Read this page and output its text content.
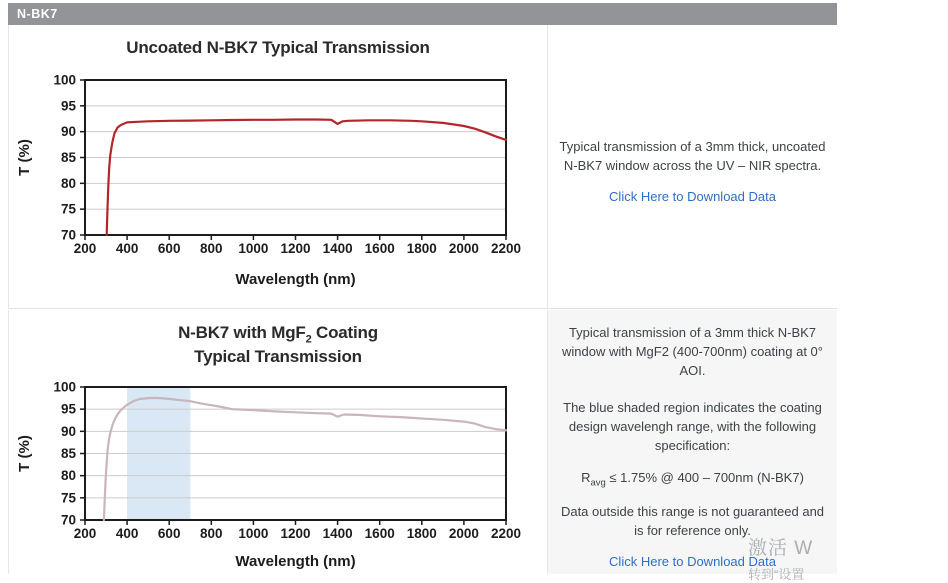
N-BK7
Uncoated N-BK7 Typical Transmission
70
75
80
85
90
95
100
200 400 600 800 1000 1200 1400 1600 1800 2000 2200
Wavelength (nm)
T (%)	Typical transmission of a 3mm thick, uncoated N-BK7 window across the UV – NIR spectra.

Click Here to Download Data
N-BK7 with MgF$_2$ Coating
Typical Transmission
70
75
80
85
90
95
100
200 400 600 800 1000 1200 1400 1600 1800 2000 2200
Wavelength (nm)
T (%)

Typical transmission of a 3mm thick N-BK7 window with MgF2 (400-700nm) coating at 0° AOI.

The blue shaded region indicates the coating design wavelengh range, with the following specification:

$R_{avg} \le 1.75\%$ @ 400 – 700nm (N-BK7)

Data outside this range is not guaranteed and is for reference only.

Click Here to Download Data
激活 W
转到“设置
